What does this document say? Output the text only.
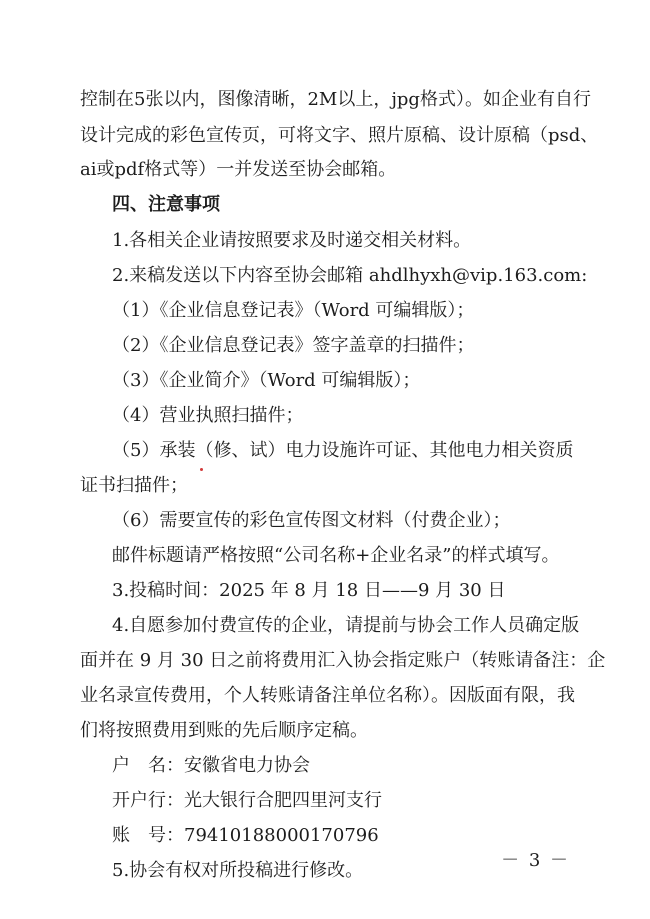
控制在5张以内，图像清晰，2M以上，jpg格式）。如企业有自行
设计完成的彩色宣传页，可将文字、照片原稿、设计原稿（psd、
ai或pdf格式等）一并发送至协会邮箱。
四、注意事项
1.各相关企业请按照要求及时递交相关材料。
2.来稿发送以下内容至协会邮箱 ahdlhyxh@vip.163.com:
（1）《企业信息登记表》（Word 可编辑版）；
（2）《企业信息登记表》签字盖章的扫描件；
（3）《企业简介》（Word 可编辑版）；
（4）营业执照扫描件；
（5）承装（修、试）电力设施许可证、其他电力相关资质
证书扫描件；
（6）需要宣传的彩色宣传图文材料（付费企业）；
邮件标题请严格按照“公司名称+企业名录”的样式填写。
3.投稿时间：2025 年 8 月 18 日——9 月 30 日
4.自愿参加付费宣传的企业，请提前与协会工作人员确定版
面并在 9 月 30 日之前将费用汇入协会指定账户（转账请备注：企
业名录宣传费用，个人转账请备注单位名称）。因版面有限，我
们将按照费用到账的先后顺序定稿。
户　名：安徽省电力协会
开户行：光大银行合肥四里河支行
账　号：79410188000170796
5.协会有权对所投稿进行修改。	－ 3 －
